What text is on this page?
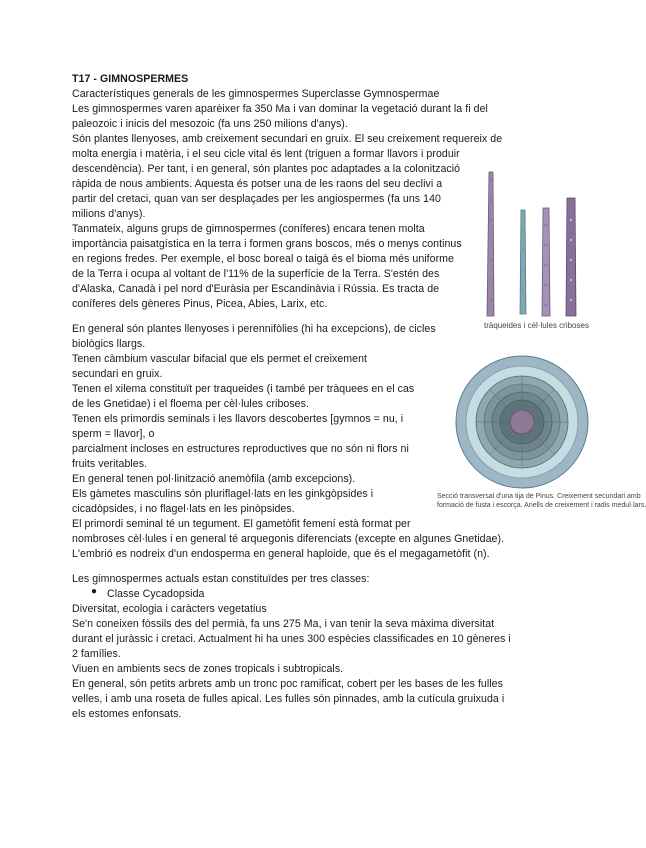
T17 - GIMNOSPERMES
Característiques generals de les gimnospermes Superclasse Gymnospermae
Les gimnospermes varen aparèixer fa 350 Ma i van dominar la vegetació durant la fi del
paleozoic i inicis del mesozoic (fa uns 250 milions d'anys).
Són plantes llenyoses, amb creixement secundari en gruix. El seu creixement requereix de
molta energia i matèria, i el seu cicle vital és lent (triguen a formar llavors i produir
descendència). Per tant, i en general, són plantes poc adaptades a la colonització
ràpida de nous ambients. Aquesta és potser una de les raons del seu declivi a
partir del cretaci, quan van ser desplaçades per les angiospermes (fa uns 140
milions d'anys).
Tanmateix, alguns grups de gimnospermes (coníferes) encara tenen molta
importància paisatgística en la terra i formen grans boscos, més o menys continus
en regions fredes. Per exemple, el bosc boreal o taigà és el bioma més uniforme
de la Terra i ocupa al voltant de l'11% de la superfície de la Terra. S'estén des
d'Alaska, Canadà i pel nord d'Euràsia per Escandinàvia i Rússia. Es tracta de
coníferes dels gèneres Pinus, Picea, Abies, Larix, etc.
tràqueides i cèl·lules criboses
En general són plantes llenyoses i perennifòlies (hi ha excepcions), de cicles
biològics llargs.
Tenen càmbium vascular bifacial que els permet el creixement
secundari en gruix.
Tenen el xilema constituït per traqueides (i també per tràquees en el cas
de les Gnetidae) i el floema per cèl·lules criboses.
Tenen els primordis seminals i les llavors descobertes [gymnos = nu, i
sperm = llavor], o
parcialment incloses en estructures reproductives que no són ni flors ni
fruits veritables.
En general tenen pol·linització anemòfila (amb excepcions).
Els gàmetes masculins són pluriflagel·lats en les ginkgòpsides i
cicadòpsides, i no flagel·lats en les pinòpsides.
El primordi seminal té un tegument. El gametòfit femení està format per
nombroses cèl·lules i en general té arquegonis diferenciats (excepte en algunes Gnetidae).
L'embrió es nodreix d'un endosperma en general haploide, que és el megagametòfit (n).
Secció transversal d'una tija de Pinus. Creixement secundari amb
formació de fusta i escorça. Anells de creixement i radis medul·lars.
Les gimnospermes actuals estan constituïdes per tres classes:
● Classe Cycadopsida
Diversitat, ecologia i caràcters vegetatius
Se'n coneixen fòssils des del permià, fa uns 275 Ma, i van tenir la seva màxima diversitat
durant el juràssic i cretaci. Actualment hi ha unes 300 espècies classificades en 10 gèneres i
2 famílies.
Viuen en ambients secs de zones tropicals i subtropicals.
En general, són petits arbrets amb un tronc poc ramificat, cobert per les bases de les fulles
velles, i amb una roseta de fulles apical. Les fulles són pinnades, amb la cutícula gruixuda i
els estomes enfonsats.
